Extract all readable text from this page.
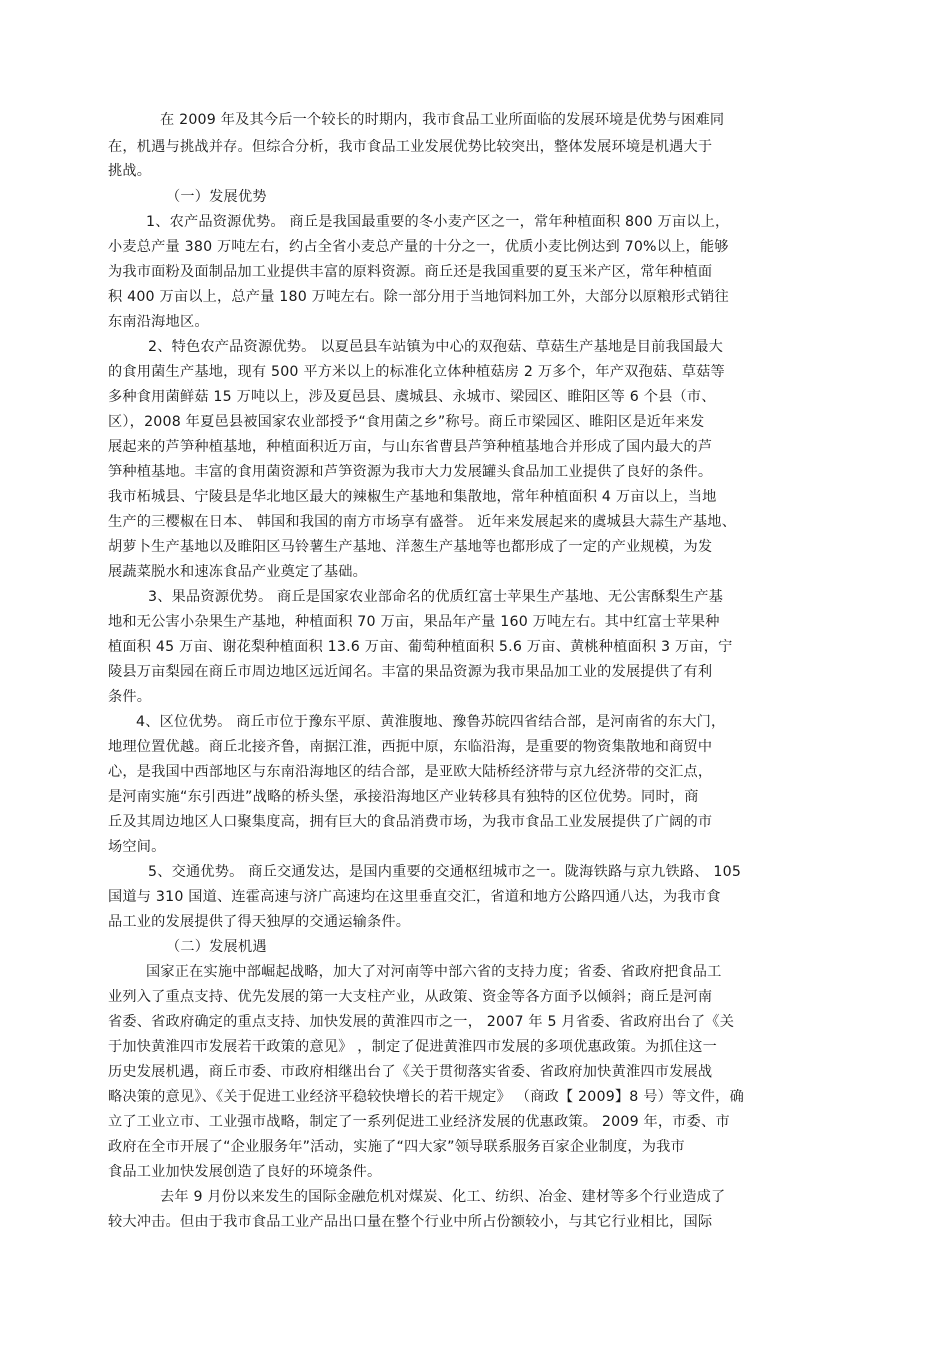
在 2009 年及其今后一个较长的时期内，我市食品工业所面临的发展环境是优势与困难同
在，机遇与挑战并存。但综合分析，我市食品工业发展优势比较突出，整体发展环境是机遇大于
挑战。
（一）发展优势
1、农产品资源优势。 商丘是我国最重要的冬小麦产区之一，常年种植面积 800 万亩以上，
小麦总产量 380 万吨左右，约占全省小麦总产量的十分之一，优质小麦比例达到 70%以上，能够
为我市面粉及面制品加工业提供丰富的原料资源。商丘还是我国重要的夏玉米产区，常年种植面
积 400 万亩以上，总产量 180 万吨左右。除一部分用于当地饲料加工外，大部分以原粮形式销往
东南沿海地区。
2、特色农产品资源优势。 以夏邑县车站镇为中心的双孢菇、草菇生产基地是目前我国最大
的食用菌生产基地，现有 500 平方米以上的标准化立体种植菇房 2 万多个，年产双孢菇、草菇等
多种食用菌鲜菇 15 万吨以上，涉及夏邑县、虞城县、永城市、梁园区、睢阳区等 6 个县（市、
区），2008 年夏邑县被国家农业部授予“食用菌之乡”称号。商丘市梁园区、睢阳区是近年来发
展起来的芦笋种植基地，种植面积近万亩，与山东省曹县芦笋种植基地合并形成了国内最大的芦
笋种植基地。丰富的食用菌资源和芦笋资源为我市大力发展罐头食品加工业提供了良好的条件。
我市柘城县、宁陵县是华北地区最大的辣椒生产基地和集散地，常年种植面积 4 万亩以上，当地
生产的三樱椒在日本、 韩国和我国的南方市场享有盛誉。 近年来发展起来的虞城县大蒜生产基地、
胡萝卜生产基地以及睢阳区马铃薯生产基地、洋葱生产基地等也都形成了一定的产业规模，为发
展蔬菜脱水和速冻食品产业奠定了基础。
3、果品资源优势。 商丘是国家农业部命名的优质红富士苹果生产基地、无公害酥梨生产基
地和无公害小杂果生产基地，种植面积 70 万亩，果品年产量 160 万吨左右。其中红富士苹果种
植面积 45 万亩、谢花梨种植面积 13.6 万亩、葡萄种植面积 5.6 万亩、黄桃种植面积 3 万亩，宁
陵县万亩梨园在商丘市周边地区远近闻名。丰富的果品资源为我市果品加工业的发展提供了有利
条件。
4、区位优势。 商丘市位于豫东平原、黄淮腹地、豫鲁苏皖四省结合部，是河南省的东大门，
地理位置优越。商丘北接齐鲁，南据江淮，西扼中原，东临沿海，是重要的物资集散地和商贸中
心，是我国中西部地区与东南沿海地区的结合部，是亚欧大陆桥经济带与京九经济带的交汇点，
是河南实施“东引西进”战略的桥头堡，承接沿海地区产业转移具有独特的区位优势。同时，商
丘及其周边地区人口聚集度高，拥有巨大的食品消费市场，为我市食品工业发展提供了广阔的市
场空间。
5、交通优势。 商丘交通发达，是国内重要的交通枢纽城市之一。陇海铁路与京九铁路、 105
国道与 310 国道、连霍高速与济广高速均在这里垂直交汇，省道和地方公路四通八达，为我市食
品工业的发展提供了得天独厚的交通运输条件。
（二）发展机遇
国家正在实施中部崛起战略，加大了对河南等中部六省的支持力度；省委、省政府把食品工
业列入了重点支持、优先发展的第一大支柱产业，从政策、资金等各方面予以倾斜；商丘是河南
省委、省政府确定的重点支持、加快发展的黄淮四市之一， 2007 年 5 月省委、省政府出台了《关
于加快黄淮四市发展若干政策的意见》 ，制定了促进黄淮四市发展的多项优惠政策。为抓住这一
历史发展机遇，商丘市委、市政府相继出台了《关于贯彻落实省委、省政府加快黄淮四市发展战
略决策的意见》、《关于促进工业经济平稳较快增长的若干规定》 （商政【 2009】8 号）等文件，确
立了工业立市、工业强市战略，制定了一系列促进工业经济发展的优惠政策。 2009 年，市委、市
政府在全市开展了“企业服务年”活动，实施了“四大家”领导联系服务百家企业制度，为我市
食品工业加快发展创造了良好的环境条件。
去年 9 月份以来发生的国际金融危机对煤炭、化工、纺织、冶金、建材等多个行业造成了
较大冲击。但由于我市食品工业产品出口量在整个行业中所占份额较小，与其它行业相比，国际
